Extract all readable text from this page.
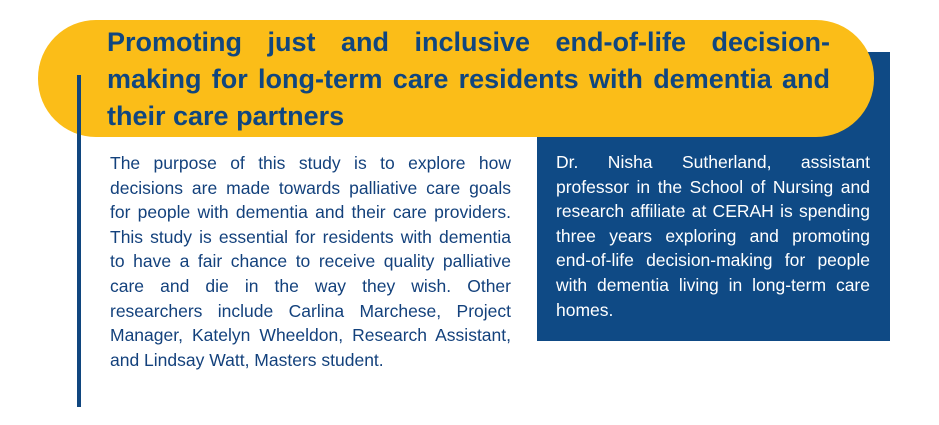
Promoting just and inclusive end-of-life decision-making for long-term care residents with dementia and their care partners

The purpose of this study is to explore how decisions are made towards palliative care goals for people with dementia and their care providers. This study is essential for residents with dementia to have a fair chance to receive quality palliative care and die in the way they wish. Other researchers include Carlina Marchese, Project Manager, Katelyn Wheeldon, Research Assistant, and Lindsay Watt, Masters student.

Dr. Nisha Sutherland, assistant professor in the School of Nursing and research affiliate at CERAH is spending three years exploring and promoting end-of-life decision-making for people with dementia living in long-term care homes.
